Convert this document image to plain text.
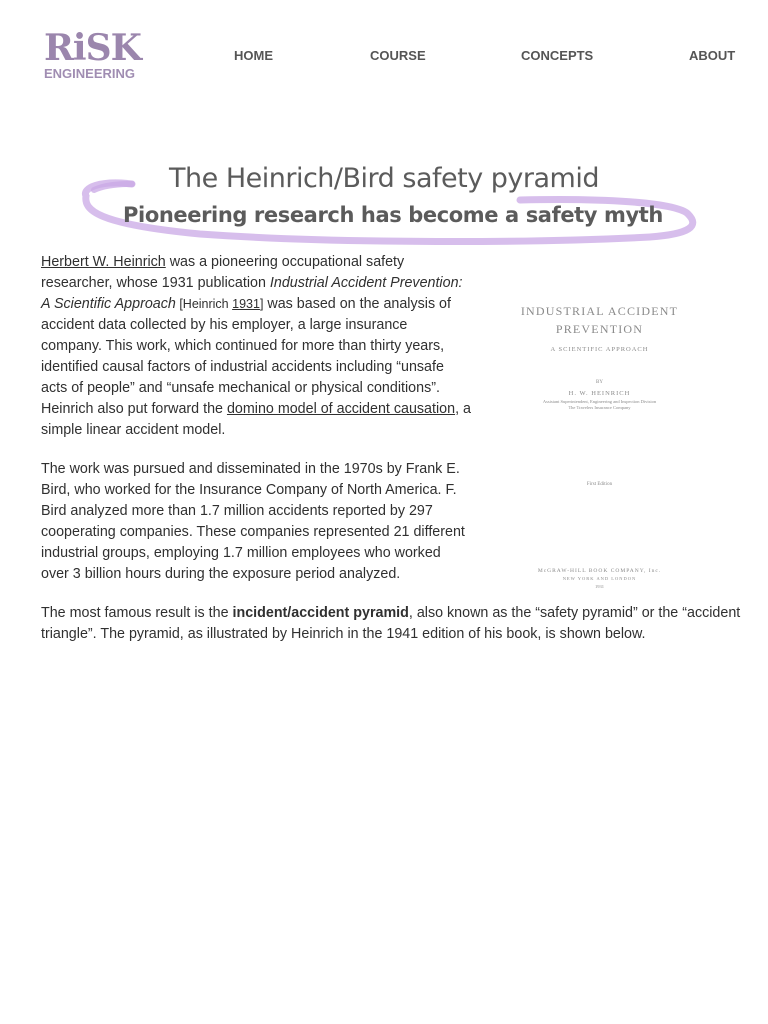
RiSK
ENGINEERING
HOME	COURSE	CONCEPTS	ABOUT
The Heinrich/Bird safety pyramid
Pioneering research has become a safety myth

Herbert W. Heinrich was a pioneering occupational safety researcher, whose 1931 publication Industrial Accident Prevention: A Scientific Approach [Heinrich 1931] was based on the analysis of accident data collected by his employer, a large insurance company. This work, which continued for more than thirty years, identified causal factors of industrial accidents including “unsafe acts of people” and “unsafe mechanical or physical conditions”. Heinrich also put forward the domino model of accident causation, a simple linear accident model.

The work was pursued and disseminated in the 1970s by Frank E. Bird, who worked for the Insurance Company of North America. F. Bird analyzed more than 1.7 million accidents reported by 297 cooperating companies. These companies represented 21 different industrial groups, employing 1.7 million employees who worked over 3 billion hours during the exposure period analyzed.

The most famous result is the incident/accident pyramid, also known as the “safety pyramid” or the “accident triangle”. The pyramid, as illustrated by Heinrich in the 1941 edition of his book, is shown below.

INDUSTRIAL ACCIDENT
PREVENTION
A SCIENTIFIC APPROACH
BY
H. W. HEINRICH
Assistant Superintendent, Engineering and Inspection Division
The Travelers Insurance Company
First Edition
McGRAW-HILL BOOK COMPANY, Inc.
NEW YORK AND LONDON
1931
